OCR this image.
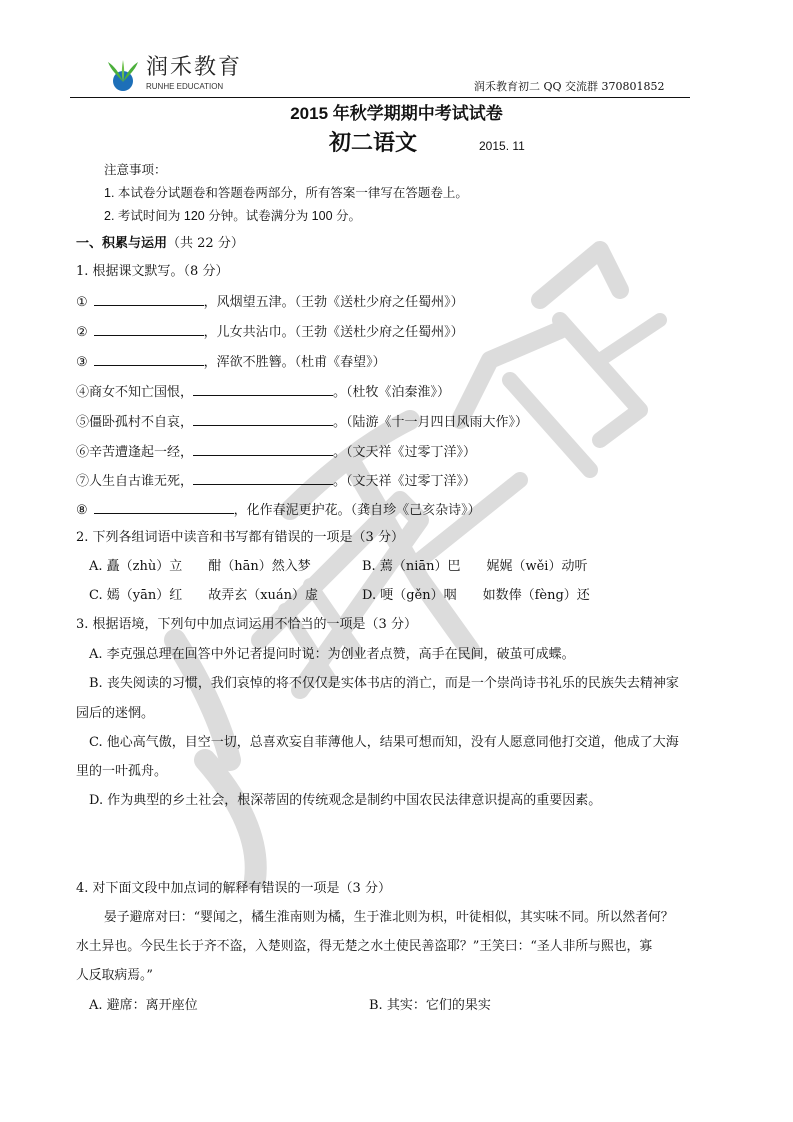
润禾教育
RUNHE EDUCATION	润禾教育初二 QQ 交流群 370801852
2015 年秋学期期中考试试卷
初二语文	2015. 11
注意事项：
1. 本试卷分试题卷和答题卷两部分，所有答案一律写在答题卷上。
2. 考试时间为 120 分钟。试卷满分为 100 分。
一、积累与运用（共 22 分）
1. 根据课文默写。（8 分）
①	，风烟望五津。（王勃《送杜少府之任蜀州》）
②	，儿女共沾巾。（王勃《送杜少府之任蜀州》）
③	，浑欲不胜簪。（杜甫《春望》）
④商女不知亡国恨，	。（杜牧《泊秦淮》）
⑤僵卧孤村不自哀，	。（陆游《十一月四日风雨大作》）
⑥辛苦遭逢起一经，	。（文天祥《过零丁洋》）
⑦人生自古谁无死，	。（文天祥《过零丁洋》）
⑧	，化作春泥更护花。（龚自珍《己亥杂诗》）
2. 下列各组词语中读音和书写都有错误的一项是（3 分）
A. 矗（zhù）立　　酣（hān）然入梦	B. 蔫（niān）巴　　娓娓（wěi）动听
C. 嫣（yān）红　　故弄玄（xuán）虚	D. 哽（gěn）咽　　如数俸（fèng）还
3. 根据语境，下列句中加点词运用不恰当的一项是（3 分）
A. 李克强总理在回答中外记者提问时说：为创业者点赞，高手在民间，破茧可成蝶。
B. 丧失阅读的习惯，我们哀悼的将不仅仅是实体书店的消亡，而是一个崇尚诗书礼乐的民族失去精神家
园后的迷惘。
C. 他心高气傲，目空一切，总喜欢妄自菲薄他人，结果可想而知，没有人愿意同他打交道，他成了大海
里的一叶孤舟。
D. 作为典型的乡土社会，根深蒂固的传统观念是制约中国农民法律意识提高的重要因素。
4. 对下面文段中加点词的解释有错误的一项是（3 分）
晏子避席对曰：“婴闻之，橘生淮南则为橘，生于淮北则为枳，叶徒相似，其实味不同。所以然者何？
水土异也。今民生长于齐不盗，入楚则盗，得无楚之水土使民善盗耶？”王笑曰：“圣人非所与熙也，寡
人反取病焉。”
A. 避席：离开座位	B. 其实：它们的果实
